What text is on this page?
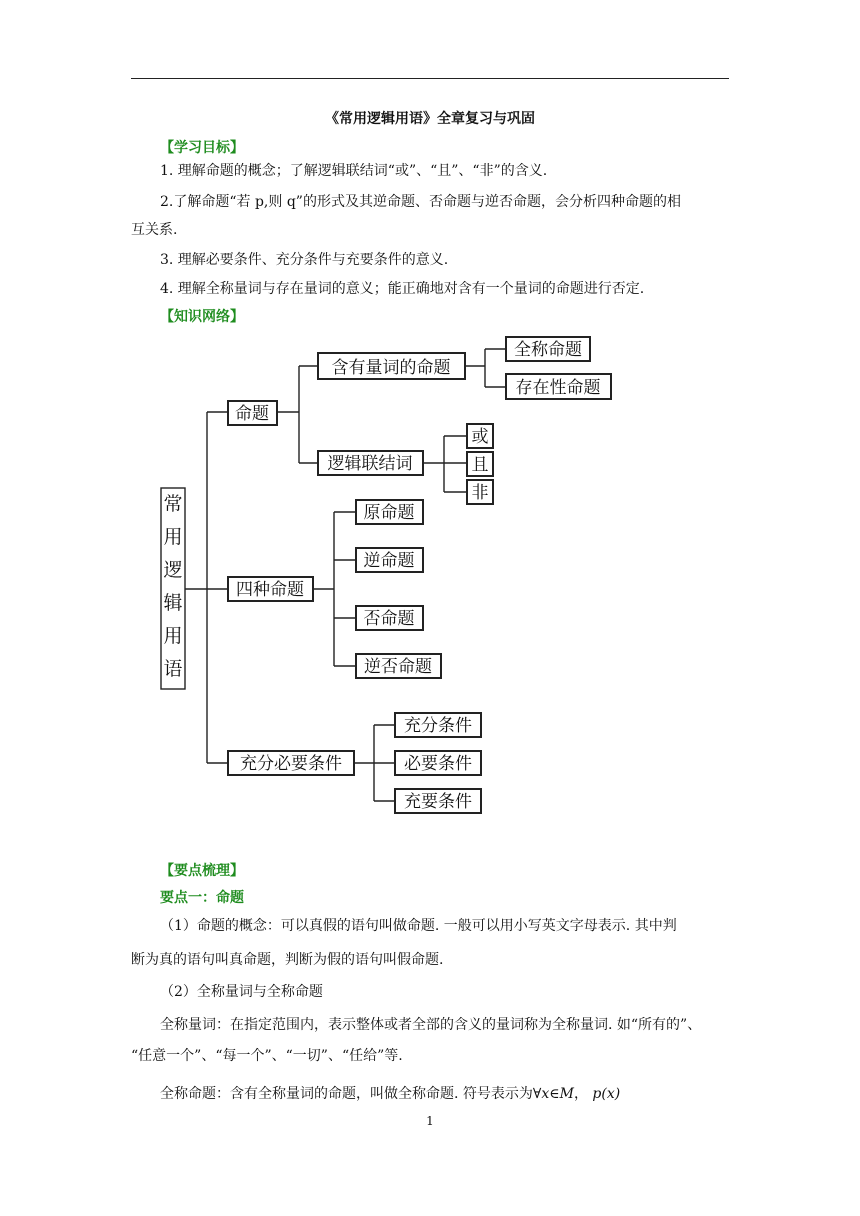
《常用逻辑用语》全章复习与巩固
【学习目标】
1. 理解命题的概念；了解逻辑联结词“或”、“且”、“非”的含义.
2.了解命题“若 p,则 q”的形式及其逆命题、否命题与逆否命题，会分析四种命题的相
互关系.
3. 理解必要条件、充分条件与充要条件的意义.
4. 理解全称量词与存在量词的意义；能正确地对含有一个量词的命题进行否定.
【知识网络】
常
用
逻
辑
用
语
命题
含有量词的命题
全称命题
存在性命题
逻辑联结词
或
且
非
四种命题
原命题
逆命题
否命题
逆否命题
充分必要条件
充分条件
必要条件
充要条件
【要点梳理】
要点一：命题
（1）命题的概念：可以真假的语句叫做命题. 一般可以用小写英文字母表示. 其中判
断为真的语句叫真命题，判断为假的语句叫假命题.
（2）全称量词与全称命题
全称量词：在指定范围内，表示整体或者全部的含义的量词称为全称量词. 如“所有的”、
“任意一个”、“每一个”、“一切”、“任给”等.
全称命题：含有全称量词的命题，叫做全称命题. 符号表示为∀x∈M， p(x)
1
